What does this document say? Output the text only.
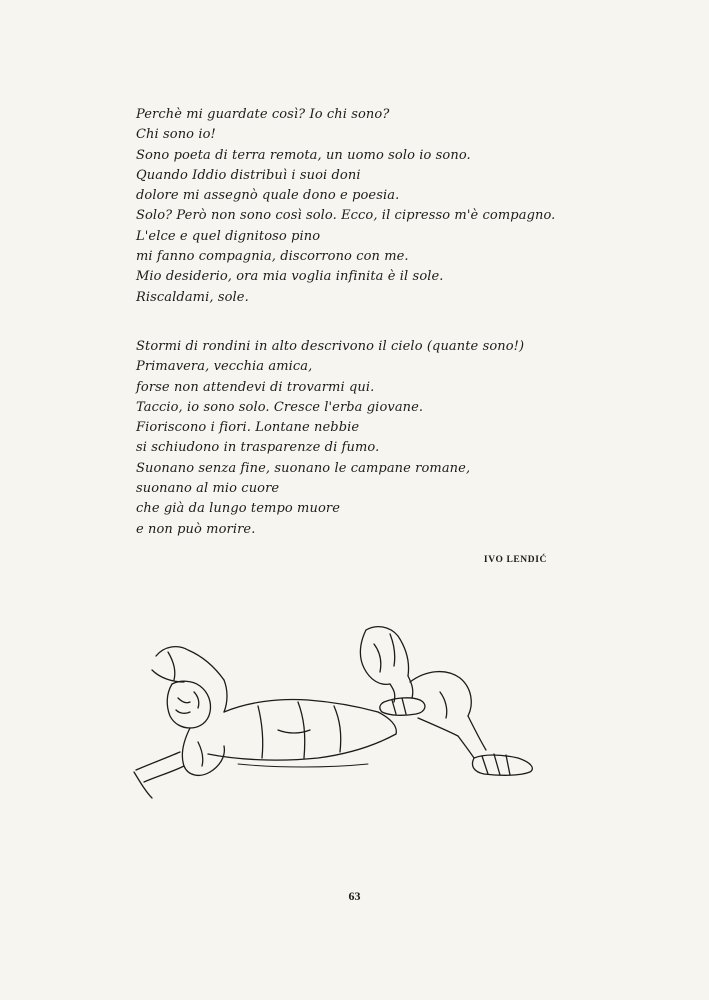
Perchè mi guardate così? Io chi sono?
Chi sono io!
Sono poeta di terra remota, un uomo solo io sono.
Quando Iddio distribuì i suoi doni
dolore mi assegnò quale dono e poesia.
Solo? Però non sono così solo. Ecco, il cipresso m'è compagno.
L'elce e quel dignitoso pino
mi fanno compagnia, discorrono con me.
Mio desiderio, ora mia voglia infinita è il sole.
Riscaldami, sole.
Stormi di rondini in alto descrivono il cielo (quante sono!)
Primavera, vecchia amica,
forse non attendevi di trovarmi qui.
Taccio, io sono solo. Cresce l'erba giovane.
Fioriscono i fiori. Lontane nebbie
si schiudono in trasparenze di fumo.
Suonano senza fine, suonano le campane romane,
suonano al mio cuore
che già da lungo tempo muore
e non può morire.
IVO LENDIĆ
63
